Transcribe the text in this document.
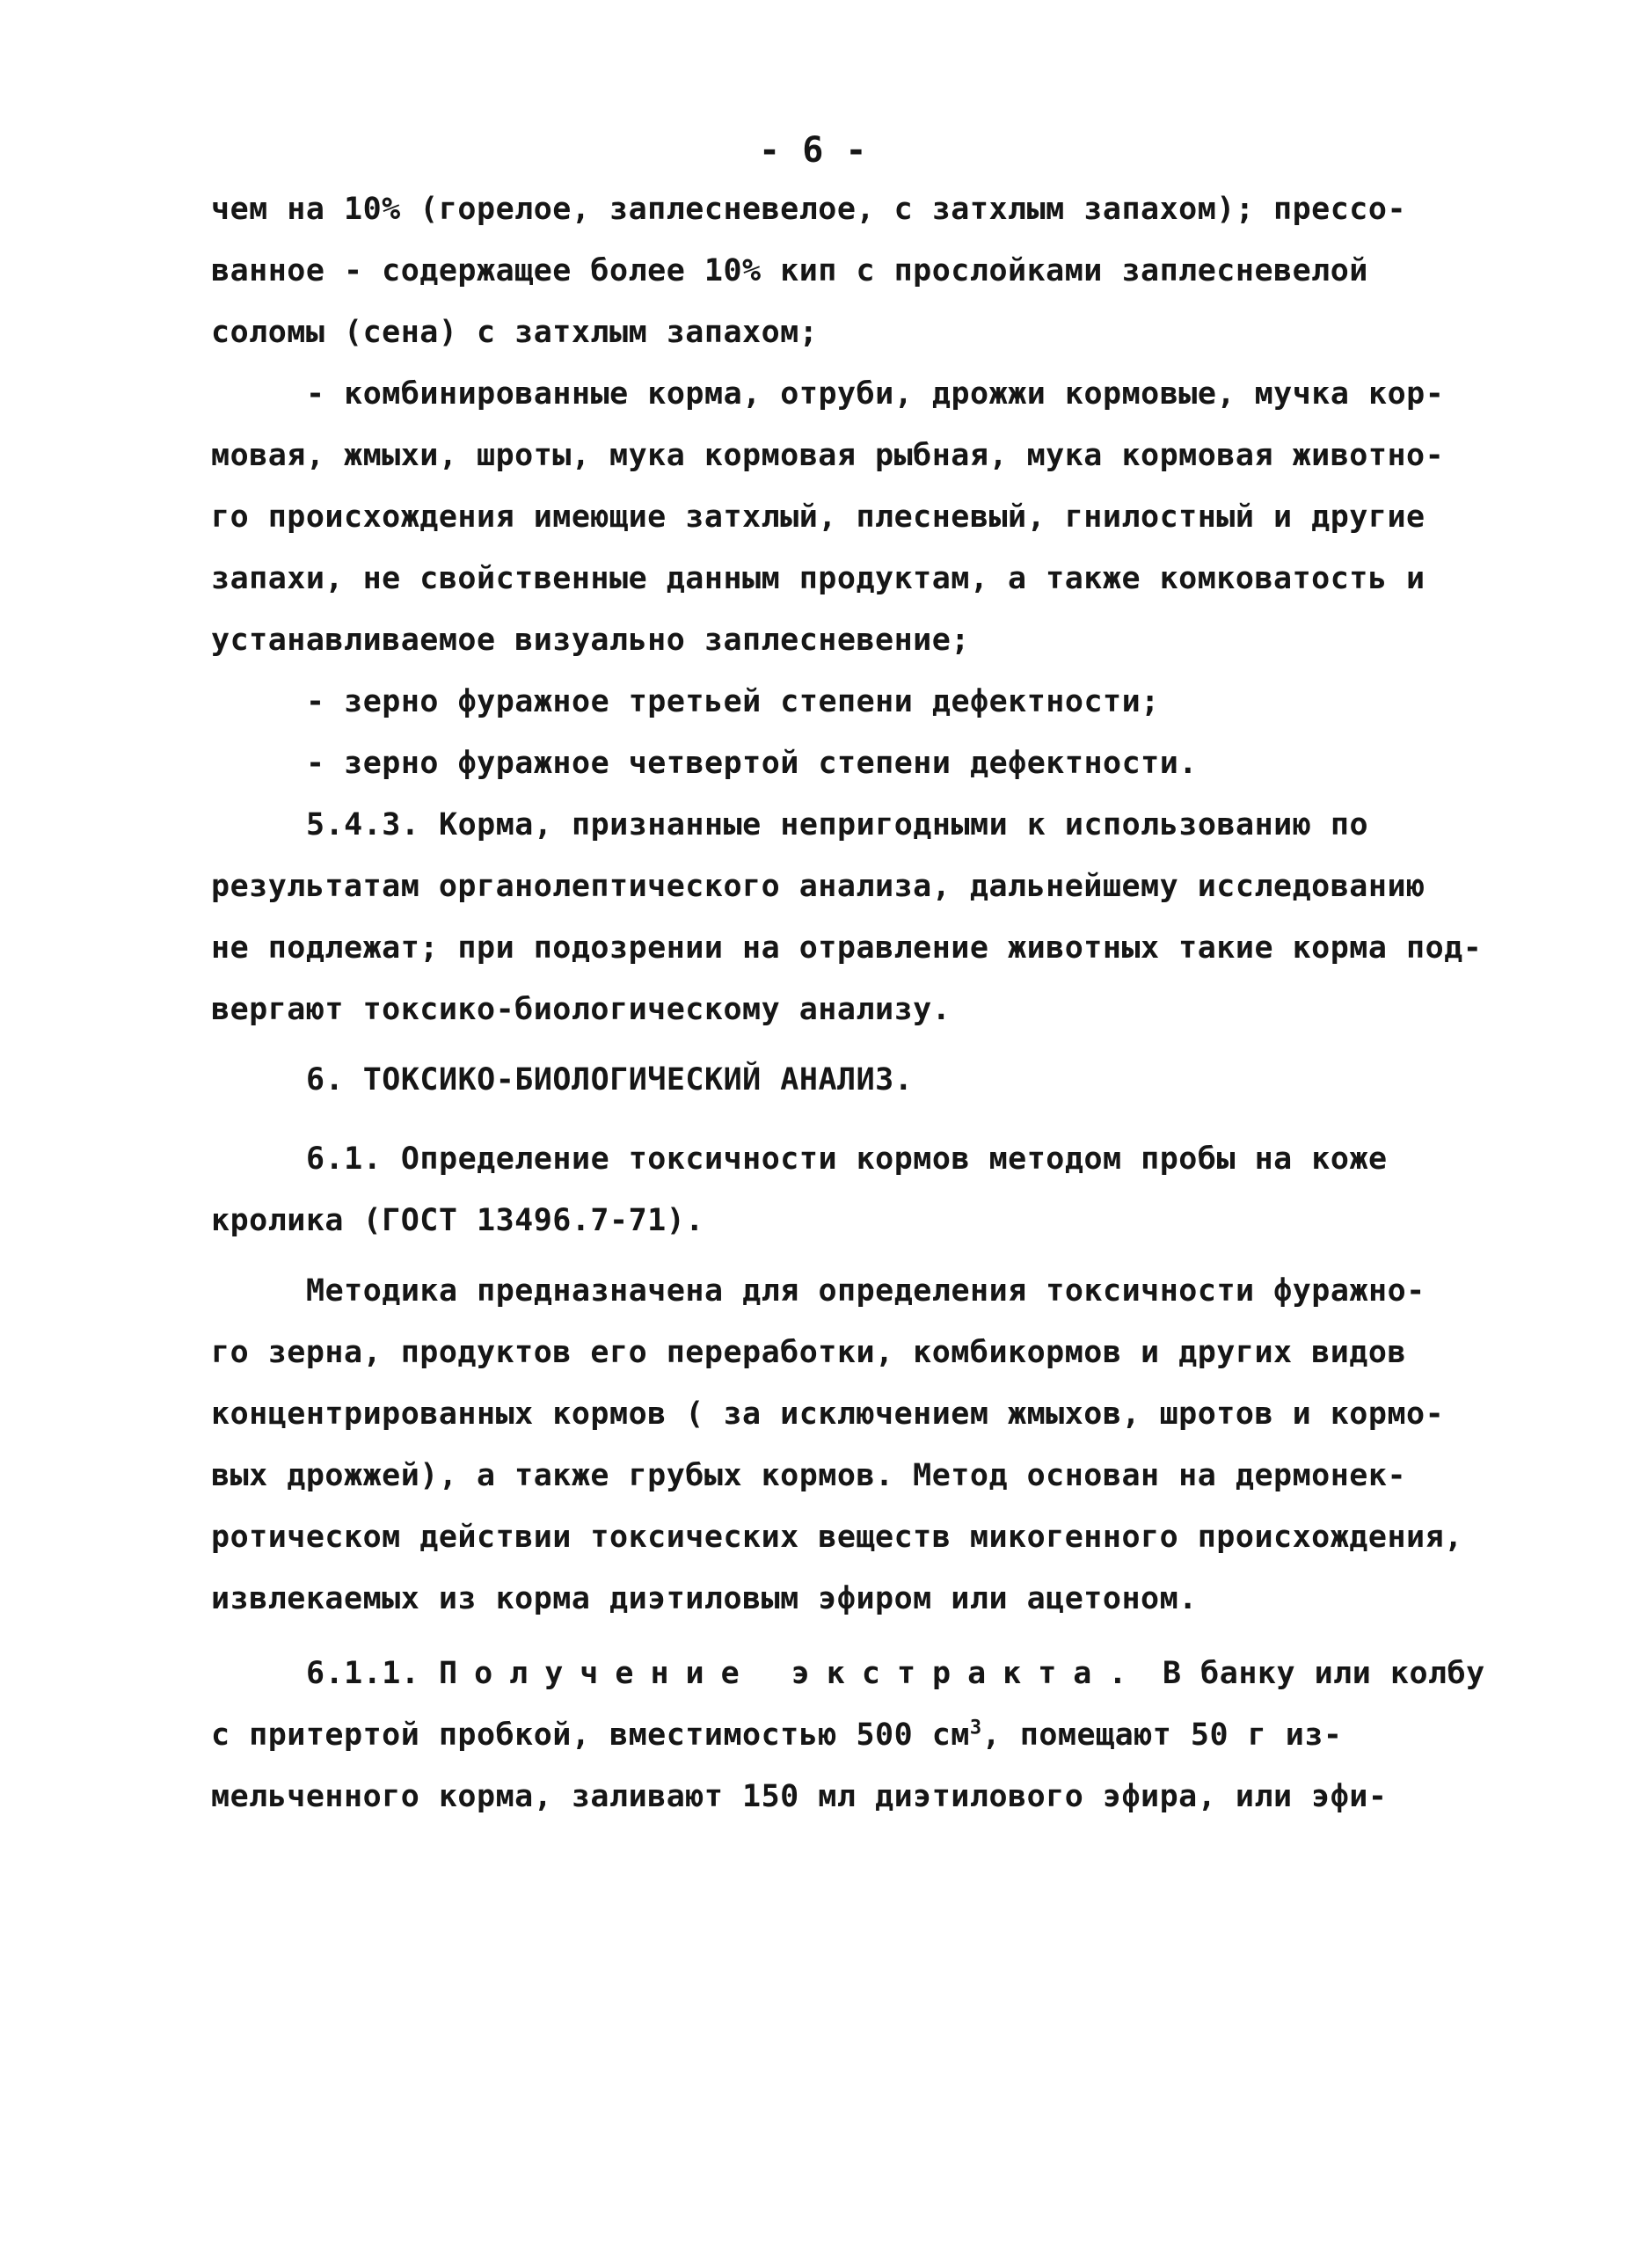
- 6 -
чем на 10% (горелое, заплесневелое, с затхлым запахом); прессо-
ванное - содержащее более 10% кип с прослойками заплесневелой
соломы (сена) с затхлым запахом;
- комбинированные корма, отруби, дрожжи кормовые, мучка кор-
мовая, жмыхи, шроты, мука кормовая рыбная, мука кормовая животно-
го происхождения имеющие затхлый, плесневый, гнилостный и другие
запахи, не свойственные данным продуктам, а также комковатость и
устанавливаемое визуально заплесневение;
- зерно фуражное третьей степени дефектности;
- зерно фуражное четвертой степени дефектности.
5.4.3. Корма, признанные непригодными к использованию по
результатам органолептического анализа, дальнейшему исследованию
не подлежат; при подозрении на отравление животных такие корма под-
вергают токсико-биологическому анализу.
6. ТОКСИКО-БИОЛОГИЧЕСКИЙ АНАЛИЗ.
6.1. Определение токсичности кормов методом пробы на коже
кролика (ГОСТ 13496.7-71).
Методика предназначена для определения токсичности фуражно-
го зерна, продуктов его переработки, комбикормов и других видов
концентрированных кормов ( за исключением жмыхов, шротов и кормо-
вых дрожжей), а также грубых кормов. Метод основан на дермонек-
ротическом действии токсических веществ микогенного происхождения,
извлекаемых из корма диэтиловым эфиром или ацетоном.
6.1.1. Получение экстракта. В банку или колбу
с притертой пробкой, вместимостью 500 $см^3$, помещают 50 г из-
мельченного корма, заливают 150 мл диэтилового эфира, или эфи-
